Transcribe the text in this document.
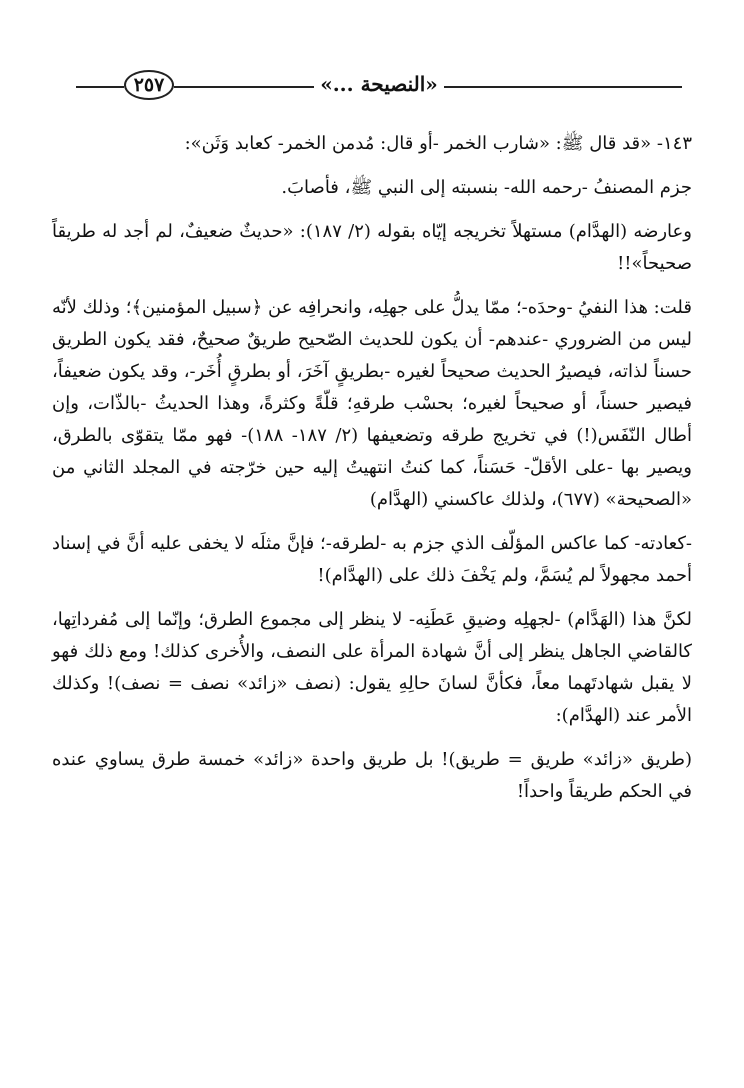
٢٥٧	«النصيحة ...»

١٤٣- «قد قال ﷺ: «شارب الخمر -أو قال: مُدمن الخمر- كعابد وَثَن»:

جزم المصنفُ -رحمه الله- بنسبته إلى النبي ﷺ، فأصابَ.

وعارضه (الهدَّام) مستهلاً تخريجه إيّاه بقوله (٢/ ١٨٧): «حديثٌ ضعيفٌ، لم أجد له طريقاً صحيحاً»!!

قلت: هذا النفيُ -وحدَه-؛ ممّا يدلُّ على جهلِه، وانحرافِه عن ﴿سبيل المؤمنين﴾؛ وذلك لأنّه ليس من الضروري -عندهم- أن يكون للحديث الصّحيح طريقٌ صحيحٌ، فقد يكون الطريق حسناً لذاته، فيصيرُ الحديث صحيحاً لغيره -بطريقٍ آخَرَ، أو بطرقٍ أُخَر-، وقد يكون ضعيفاً، فيصير حسناً، أو صحيحاً لغيره؛ بحسْب طرقهِ؛ قلّةً وكثرةً، وهذا الحديثُ -بالذّات، وإن أطال النّفَس(!) في تخريج طرقه وتضعيفها (٢/ ١٨٧- ١٨٨)- فهو ممّا يتقوّى بالطرق، ويصير بها -على الأقلّ- حَسَناً، كما كنتُ انتهيتُ إليه حين خرّجته في المجلد الثاني من «الصحيحة» (٦٧٧)، ولذلك عاكسني (الهدَّام)

-كعادته- كما عاكس المؤلّف الذي جزم به -لطرقه-؛ فإنَّ مثلَه لا يخفى عليه أنَّ في إسناد أحمد مجهولاً لم يُسَمَّ، ولم يَخْفَ ذلك على (الهدَّام)!

لكنَّ هذا (الهَدَّام) -لجهلِه وضيقِ عَطَنِه- لا ينظر إلى مجموع الطرق؛ وإنّما إلى مُفرداتِها، كالقاضي الجاهل ينظر إلى أنَّ شهادة المرأة على النصف، والأُخرى كذلك! ومع ذلك فهو لا يقبل شهادتَهما معاً، فكأنَّ لسانَ حالِهِ يقول: (نصف «زائد» نصف = نصف)! وكذلك الأمر عند (الهدَّام):

(طريق «زائد» طريق = طريق)! بل طريق واحدة «زائد» خمسة طرق يساوي عنده في الحكم طريقاً واحداً!
